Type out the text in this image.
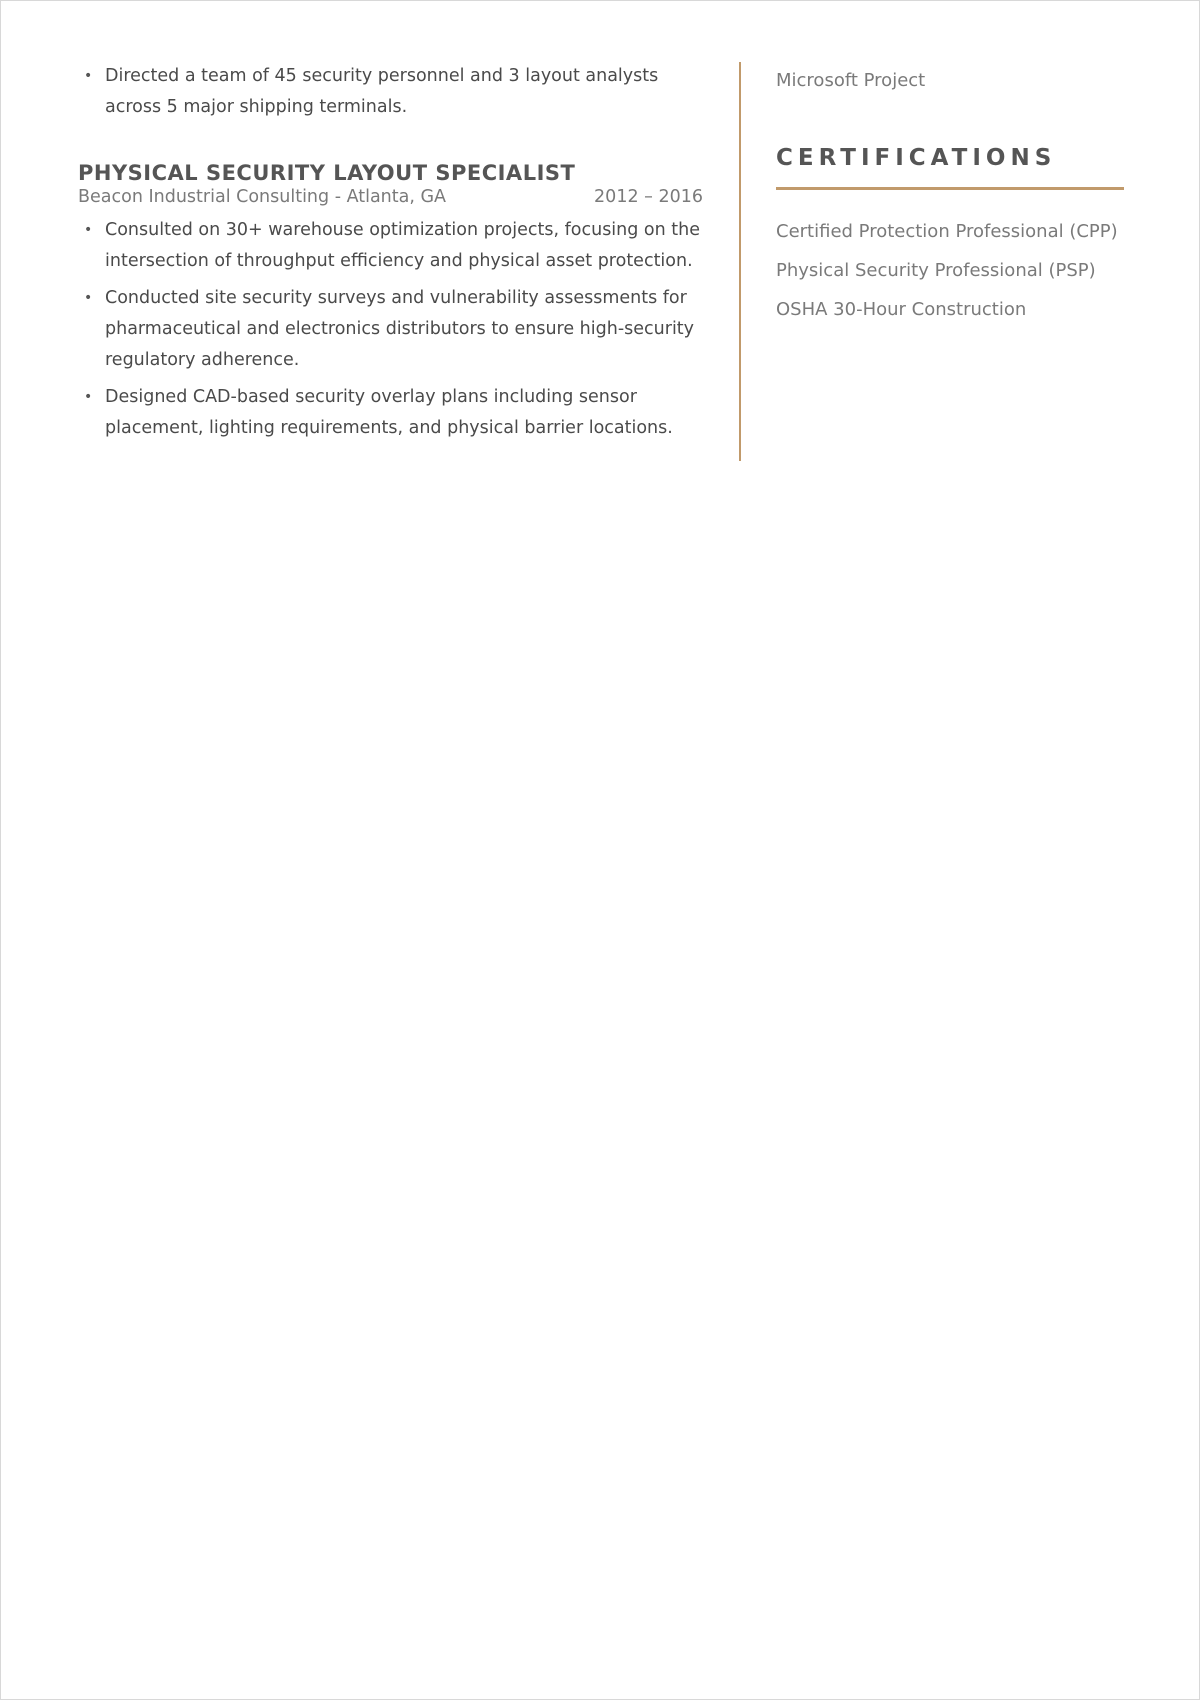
• Directed a team of 45 security personnel and 3 layout analysts across 5 major shipping terminals.
PHYSICAL SECURITY LAYOUT SPECIALIST
Beacon Industrial Consulting - Atlanta, GA	2012 – 2016
• Consulted on 30+ warehouse optimization projects, focusing on the intersection of throughput efficiency and physical asset protection.
• Conducted site security surveys and vulnerability assessments for pharmaceutical and electronics distributors to ensure high-security regulatory adherence.
• Designed CAD-based security overlay plans including sensor placement, lighting requirements, and physical barrier locations.
Microsoft Project
CERTIFICATIONS
Certified Protection Professional (CPP)
Physical Security Professional (PSP)
OSHA 30-Hour Construction
